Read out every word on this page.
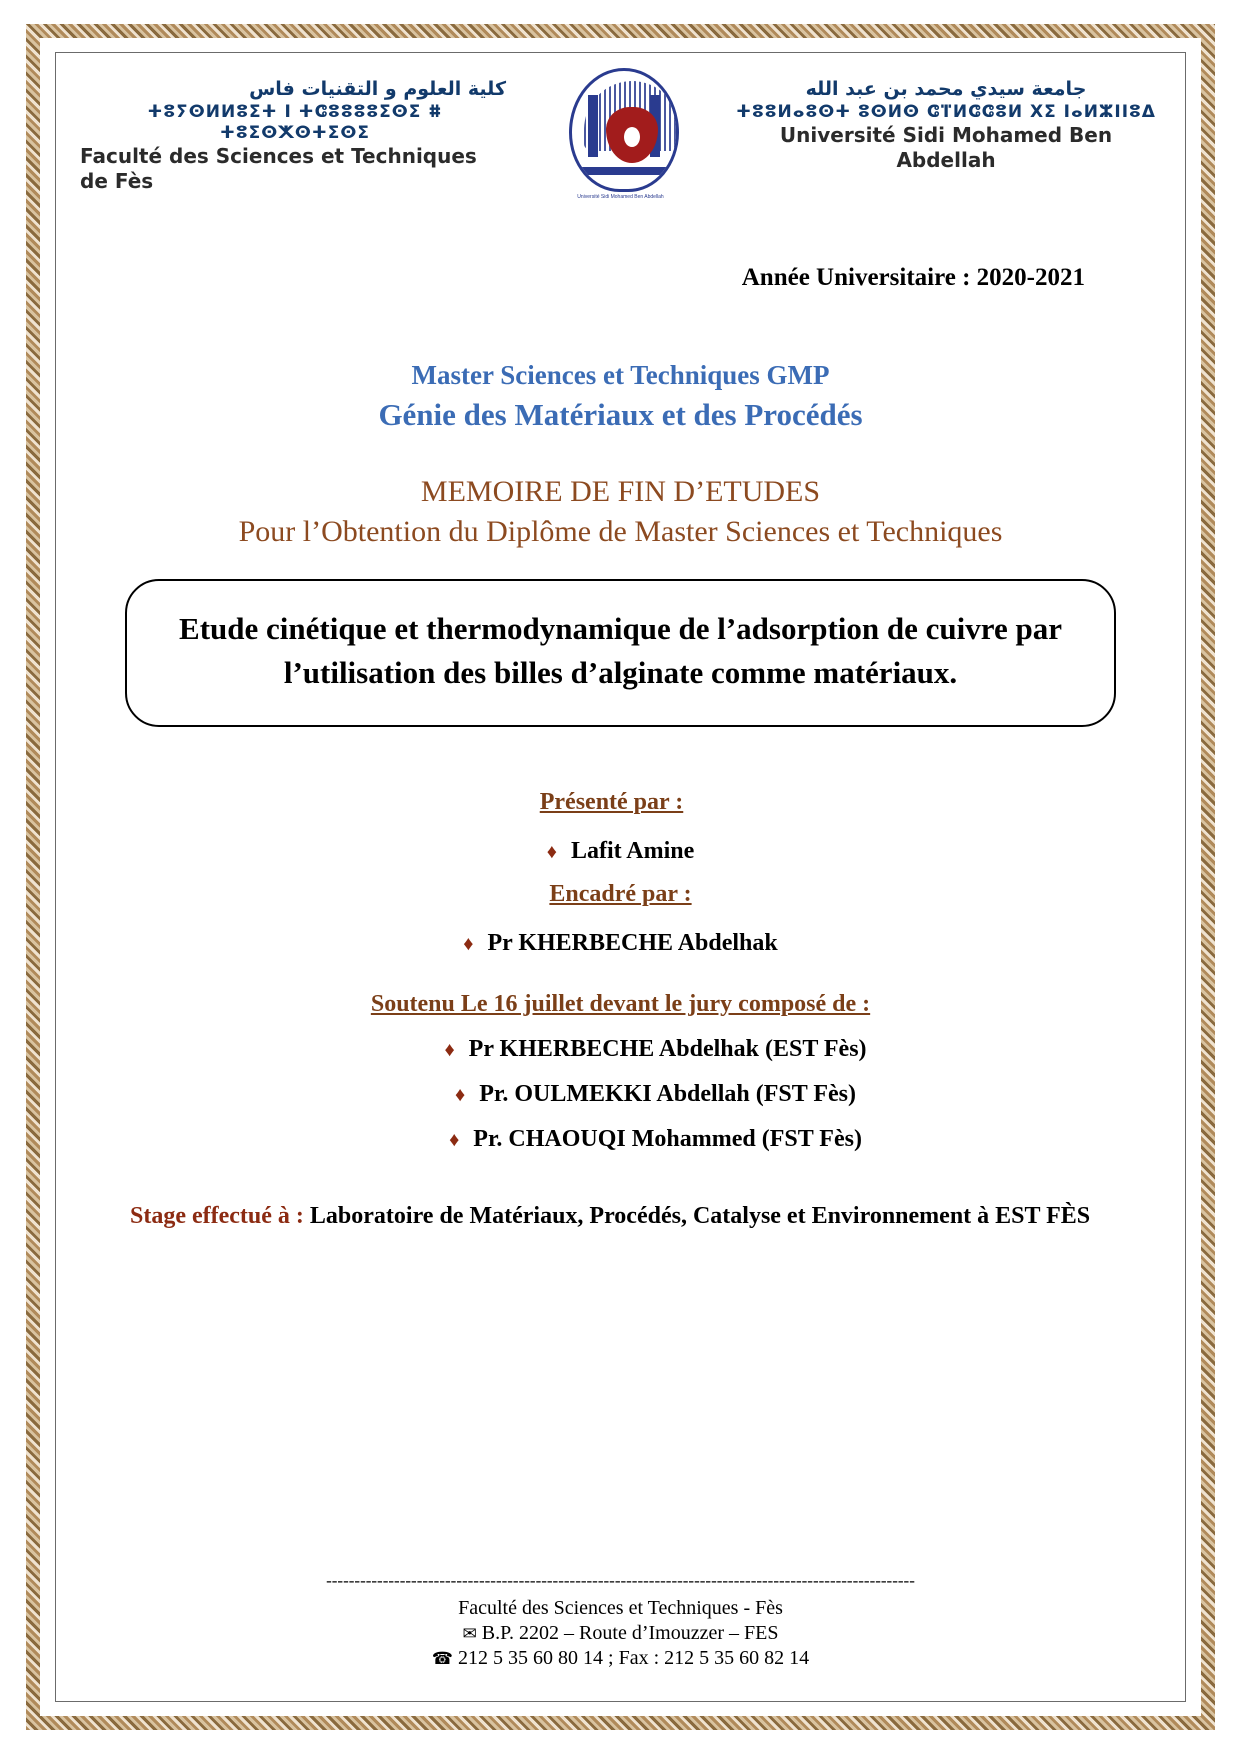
كلية العلوم و التقنيات فاس
ⵜⵓⵢⵙⵍⵍⵓⵉⵜ I ⵜⵛⵓⵓⵓⵓⵉⵙⵉ ⵌ ⵜⵓⵉⵙⵅⵙⵜⵉⵙⵉ
Faculté des Sciences et Techniques de Fès
Université Sidi Mohamed Ben Abdellah
جامعة سيدي محمد بن عبد الله
ⵜⵓⵓⵍⴰⵓⵙⵜ ⵓⵙⵍⵙ ⵛⴶⵍⵛⵛⵓⵍ ⵝⵉ ⵏⴰⵍⵣⵏⵏⵓⵠ
Université Sidi Mohamed Ben Abdellah
Année Universitaire : 2020-2021
Master Sciences et Techniques GMP
Génie des Matériaux et des Procédés
MEMOIRE DE FIN D’ETUDES
Pour l’Obtention du Diplôme de Master Sciences et Techniques
Etude cinétique et thermodynamique de l’adsorption de cuivre par l’utilisation des billes d’alginate comme matériaux.
Présenté par :
♦ Lafit Amine
Encadré par :
♦ Pr KHERBECHE Abdelhak
Soutenu Le 16 juillet devant le jury composé de :
♦ Pr KHERBECHE Abdelhak (EST Fès)
♦ Pr. OULMEKKI Abdellah (FST Fès)
♦ Pr. CHAOUQI Mohammed (FST Fès)
Stage effectué à : Laboratoire de Matériaux, Procédés, Catalyse et Environnement à EST FÈS
--------------------------------------------------------------------------------------------------------
Faculté des Sciences et Techniques - Fès
✉ B.P. 2202 – Route d’Imouzzer – FES
☎ 212 5 35 60 80 14 ; Fax : 212 5 35 60 82 14
